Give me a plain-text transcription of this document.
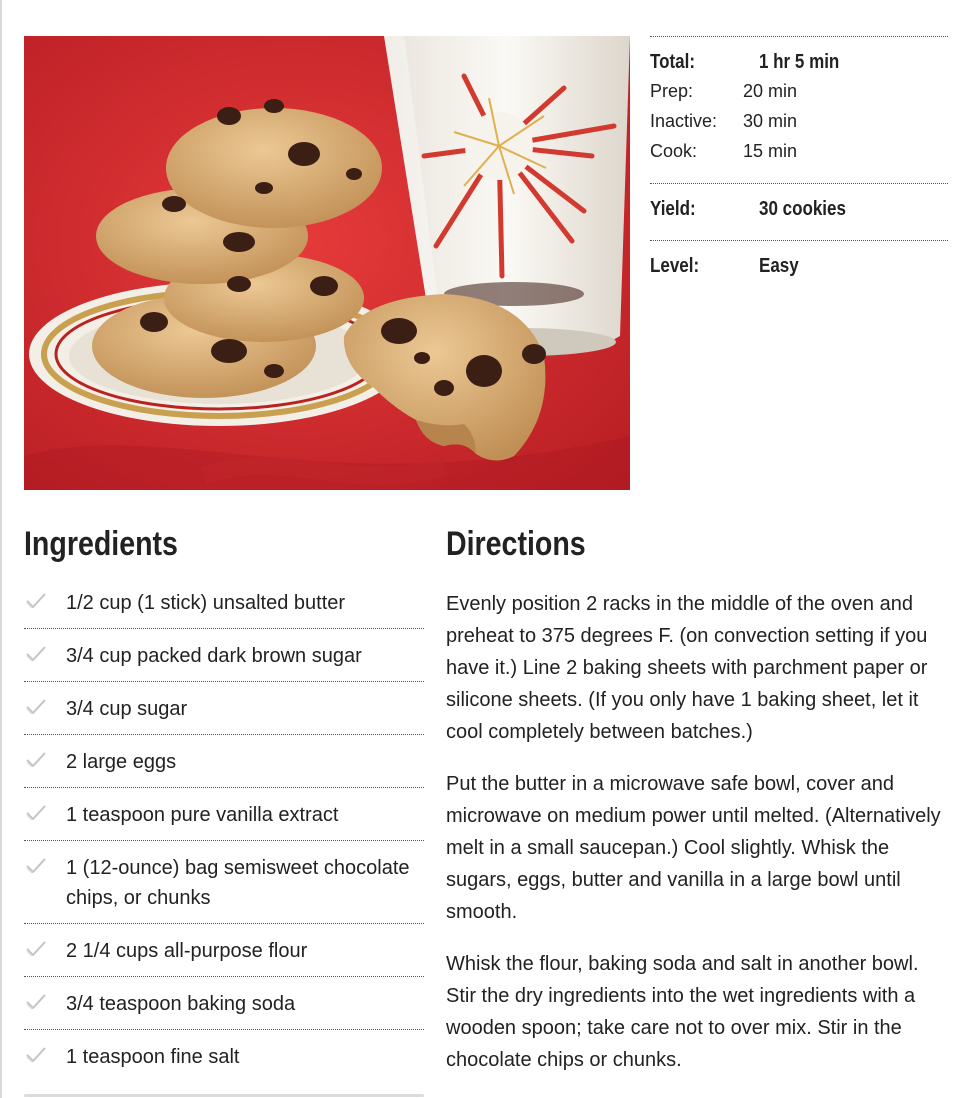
Total:	1 hr 5 min
Prep:	20 min
Inactive:	30 min
Cook:	15 min
Yield:	30 cookies
Level:	Easy
Ingredients	Directions
1/2 cup (1 stick) unsalted butter
3/4 cup packed dark brown sugar
3/4 cup sugar
2 large eggs
1 teaspoon pure vanilla extract
1 (12-ounce) bag semisweet chocolate chips, or chunks
2 1/4 cups all-purpose flour
3/4 teaspoon baking soda
1 teaspoon fine salt

Evenly position 2 racks in the middle of the oven and preheat to 375 degrees F. (on convection setting if you have it.) Line 2 baking sheets with parchment paper or silicone sheets. (If you only have 1 baking sheet, let it cool completely between batches.)

Put the butter in a microwave safe bowl, cover and microwave on medium power until melted. (Alternatively melt in a small saucepan.) Cool slightly. Whisk the sugars, eggs, butter and vanilla in a large bowl until smooth.

Whisk the flour, baking soda and salt in another bowl. Stir the dry ingredients into the wet ingredients with a wooden spoon; take care not to over mix. Stir in the chocolate chips or chunks.
